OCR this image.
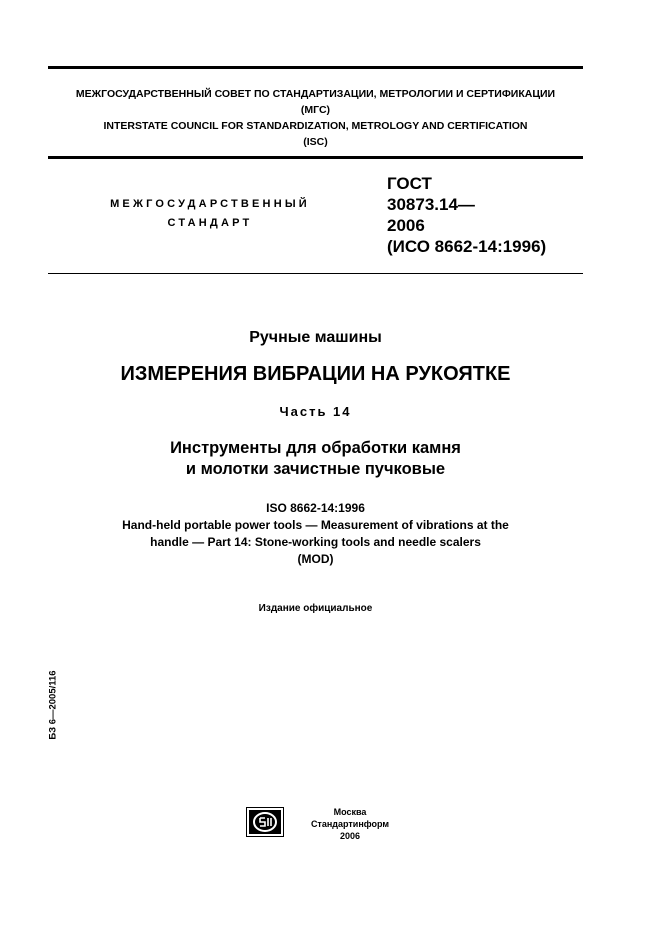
МЕЖГОСУДАРСТВЕННЫЙ СОВЕТ ПО СТАНДАРТИЗАЦИИ, МЕТРОЛОГИИ И СЕРТИФИКАЦИИ
(МГС)
INTERSTATE COUNCIL FOR STANDARDIZATION, METROLOGY AND CERTIFICATION
(ISC)
МЕЖГОСУДАРСТВЕННЫЙ
СТАНДАРТ
ГОСТ
30873.14—
2006
(ИСО 8662-14:1996)
Ручные машины
ИЗМЕРЕНИЯ ВИБРАЦИИ НА РУКОЯТКЕ
Часть 14
Инструменты для обработки камня
и молотки зачистные пучковые
ISO 8662-14:1996
Hand-held portable power tools — Measurement of vibrations at the
handle — Part 14: Stone-working tools and needle scalers
(MOD)
Издание официальное
БЗ 6—2005/116
Москва
Стандартинформ
2006
